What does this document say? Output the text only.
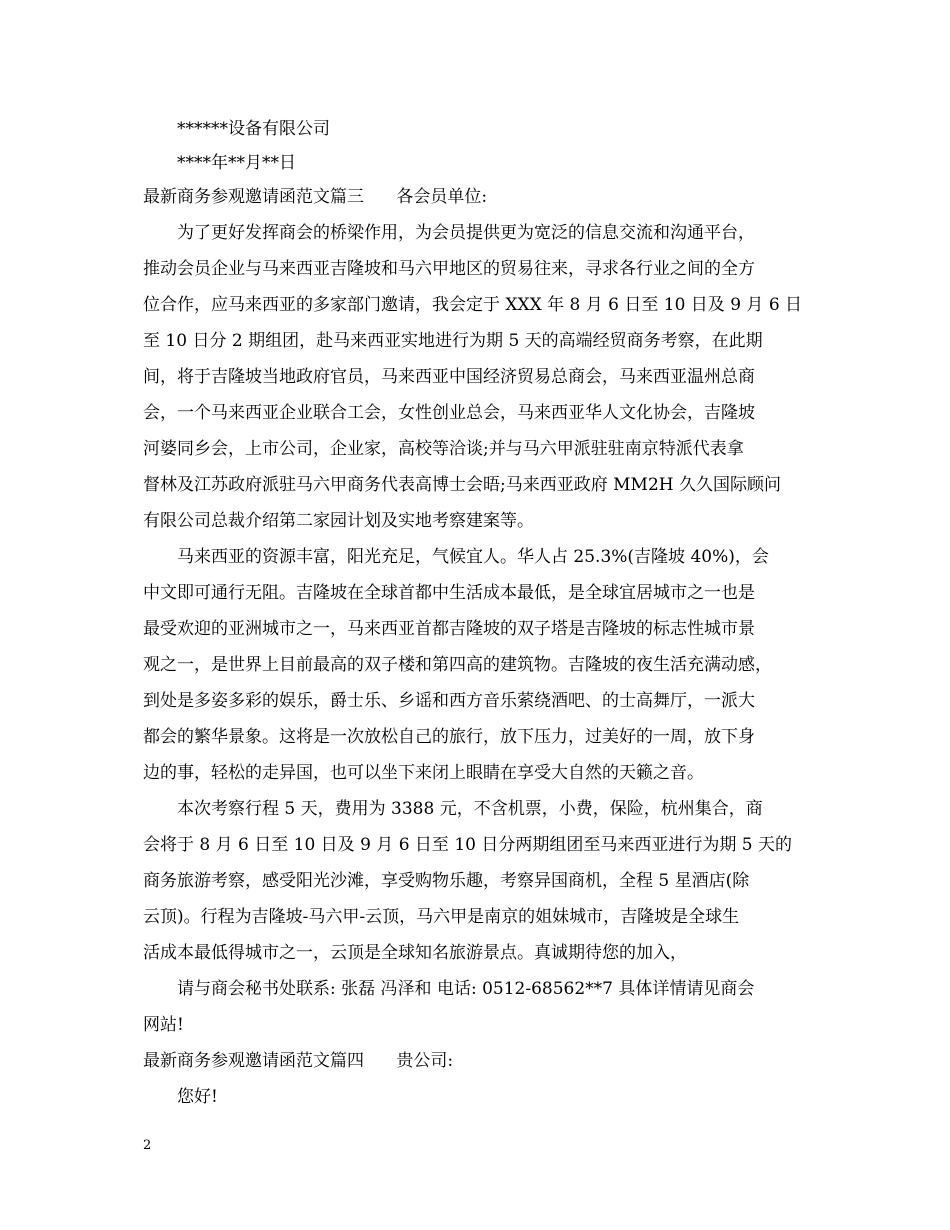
******设备有限公司
****年**月**日
最新商务参观邀请函范文篇三      各会员单位:
为了更好发挥商会的桥梁作用，为会员提供更为宽泛的信息交流和沟通平台，
推动会员企业与马来西亚吉隆坡和马六甲地区的贸易往来，寻求各行业之间的全方
位合作，应马来西亚的多家部门邀请，我会定于 XXX 年 8 月 6 日至 10 日及 9 月 6 日
至 10 日分 2 期组团，赴马来西亚实地进行为期 5 天的高端经贸商务考察，在此期
间，将于吉隆坡当地政府官员，马来西亚中国经济贸易总商会，马来西亚温州总商
会，一个马来西亚企业联合工会，女性创业总会，马来西亚华人文化协会，吉隆坡
河婆同乡会，上市公司，企业家，高校等洽谈;并与马六甲派驻驻南京特派代表拿
督林及江苏政府派驻马六甲商务代表高博士会晤;马来西亚政府 MM2H 久久国际顾问
有限公司总裁介绍第二家园计划及实地考察建案等。
马来西亚的资源丰富，阳光充足，气候宜人。华人占 25.3%(吉隆坡 40%)，会
中文即可通行无阻。吉隆坡在全球首都中生活成本最低，是全球宜居城市之一也是
最受欢迎的亚洲城市之一，马来西亚首都吉隆坡的双子塔是吉隆坡的标志性城市景
观之一，是世界上目前最高的双子楼和第四高的建筑物。吉隆坡的夜生活充满动感，
到处是多姿多彩的娱乐，爵士乐、乡谣和西方音乐萦绕酒吧、的士高舞厅，一派大
都会的繁华景象。这将是一次放松自己的旅行，放下压力，过美好的一周，放下身
边的事，轻松的走异国，也可以坐下来闭上眼睛在享受大自然的天籁之音。
本次考察行程 5 天，费用为 3388 元，不含机票，小费，保险，杭州集合，商
会将于 8 月 6 日至 10 日及 9 月 6 日至 10 日分两期组团至马来西亚进行为期 5 天的
商务旅游考察，感受阳光沙滩，享受购物乐趣，考察异国商机，全程 5 星酒店(除
云顶)。行程为吉隆坡-马六甲-云顶，马六甲是南京的姐妹城市，吉隆坡是全球生
活成本最低得城市之一，云顶是全球知名旅游景点。真诚期待您的加入，
请与商会秘书处联系: 张磊 冯泽和 电话: 0512-68562**7 具体详情请见商会
网站!
最新商务参观邀请函范文篇四      贵公司:
您好!
2
